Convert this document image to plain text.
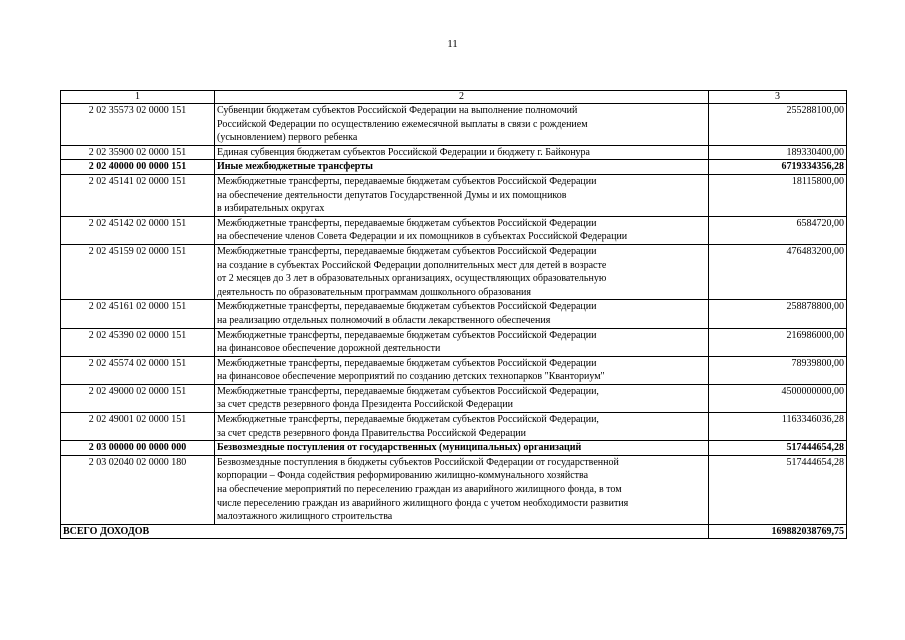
11
1	2	3
2 02 35573 02 0000 151	Субвенции бюджетам субъектов Российской Федерации на выполнение полномочий
Российской Федерации по осуществлению ежемесячной выплаты в связи с рождением
(усыновлением) первого ребенка	255288100,00
2 02 35900 02 0000 151	Единая субвенция бюджетам субъектов Российской Федерации и бюджету г. Байконура	189330400,00
2 02 40000 00 0000 151	Иные межбюджетные трансферты	6719334356,28
2 02 45141 02 0000 151	Межбюджетные трансферты, передаваемые бюджетам субъектов Российской Федерации
на обеспечение деятельности депутатов Государственной Думы и их помощников
в избирательных округах	18115800,00
2 02 45142 02 0000 151	Межбюджетные трансферты, передаваемые бюджетам субъектов Российской Федерации
на обеспечение членов Совета Федерации и их помощников в субъектах Российской Федерации	6584720,00
2 02 45159 02 0000 151	Межбюджетные трансферты, передаваемые бюджетам субъектов Российской Федерации
на создание в субъектах Российской Федерации дополнительных мест для детей в возрасте
от 2 месяцев до 3 лет в образовательных организациях, осуществляющих образовательную
деятельность по образовательным программам дошкольного образования	476483200,00
2 02 45161 02 0000 151	Межбюджетные трансферты, передаваемые бюджетам субъектов Российской Федерации
на реализацию отдельных полномочий в области лекарственного обеспечения	258878800,00
2 02 45390 02 0000 151	Межбюджетные трансферты, передаваемые бюджетам субъектов Российской Федерации
на финансовое обеспечение дорожной деятельности	216986000,00
2 02 45574 02 0000 151	Межбюджетные трансферты, передаваемые бюджетам субъектов Российской Федерации
на финансовое обеспечение мероприятий по созданию детских технопарков "Кванториум"	78939800,00
2 02 49000 02 0000 151	Межбюджетные трансферты, передаваемые бюджетам субъектов Российской Федерации,
за счет средств резервного фонда Президента Российской Федерации	4500000000,00
2 02 49001 02 0000 151	Межбюджетные трансферты, передаваемые бюджетам субъектов Российской Федерации,
за счет средств резервного фонда Правительства Российской Федерации	1163346036,28
2 03 00000 00 0000 000	Безвозмездные поступления от государственных (муниципальных) организаций	517444654,28
2 03 02040 02 0000 180	Безвозмездные поступления в бюджеты субъектов Российской Федерации от государственной
корпорации – Фонда содействия реформированию жилищно-коммунального хозяйства
на обеспечение мероприятий по переселению граждан из аварийного жилищного фонда, в том
числе переселению граждан из аварийного жилищного фонда с учетом необходимости развития
малоэтажного жилищного строительства	517444654,28
ВСЕГО ДОХОДОВ		169882038769,75
